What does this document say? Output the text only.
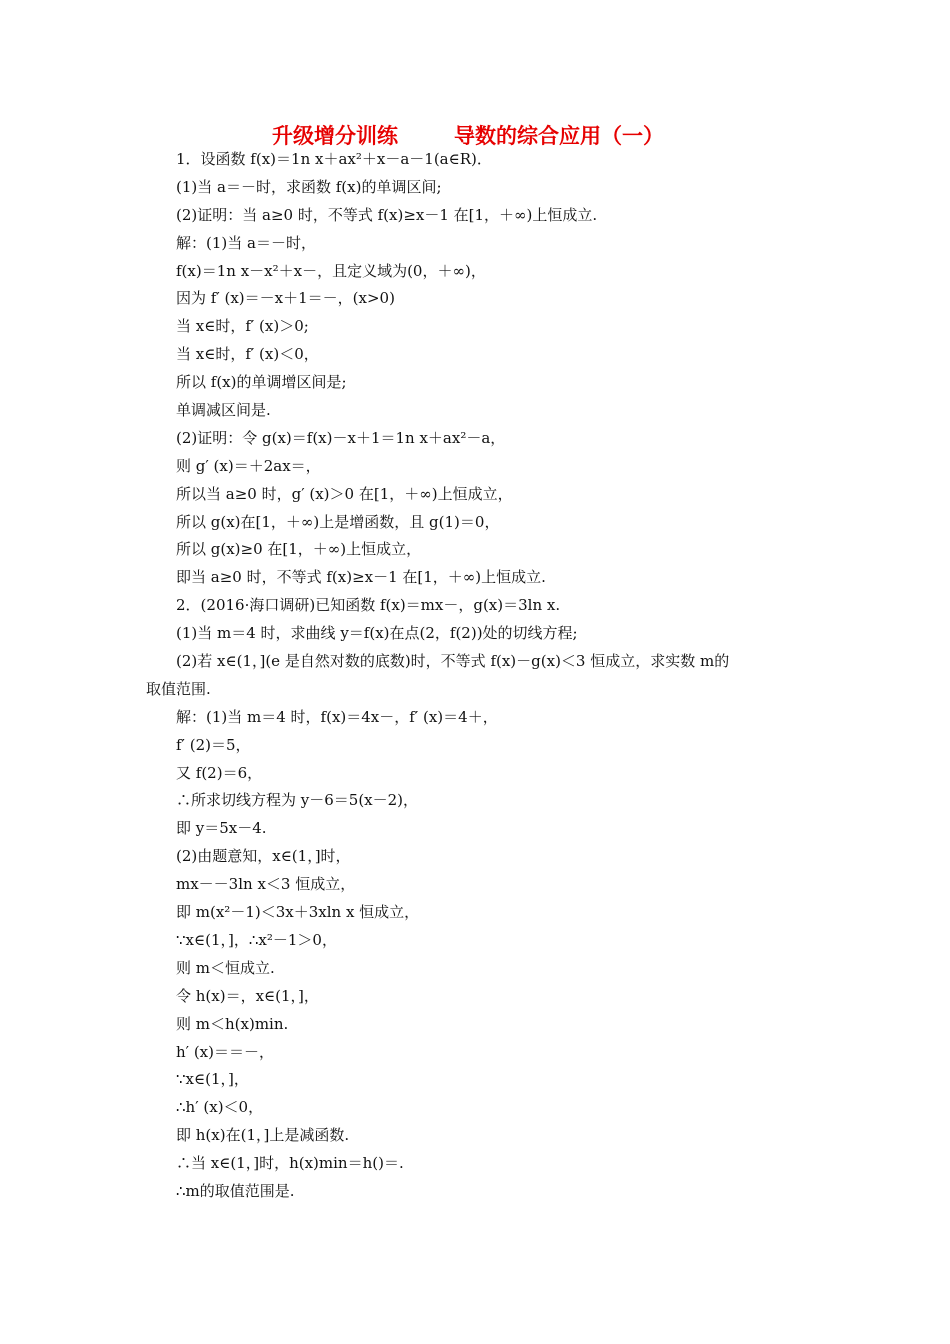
升级增分训练	导数的综合应用（一）
1．设函数 f(x)＝1n x＋ax²＋x－a－1(a∈R)．
(1)当 a＝－时，求函数 f(x)的单调区间;
(2)证明：当 a≥0 时，不等式 f(x)≥x－1 在[1，＋∞)上恒成立.
解：(1)当 a＝－时，
f(x)＝1n x－x²＋x－，且定义域为(0，＋∞)，
因为 f′ (x)＝－x＋1＝－，(x>0)
当 x∈时，f′ (x)＞0;
当 x∈时，f′ (x)＜0，
所以 f(x)的单调增区间是;
单调减区间是.
(2)证明：令 g(x)＝f(x)－x＋1＝1n x＋ax²－a，
则 g′ (x)＝＋2ax＝，
所以当 a≥0 时，g′ (x)＞0 在[1，＋∞)上恒成立，
所以 g(x)在[1，＋∞)上是增函数，且 g(1)＝0，
所以 g(x)≥0 在[1，＋∞)上恒成立，
即当 a≥0 时，不等式 f(x)≥x－1 在[1，＋∞)上恒成立.
2．(2016·海口调研)已知函数 f(x)＝mx－，g(x)＝3ln x.
(1)当 m＝4 时，求曲线 y＝f(x)在点(2，f(2))处的切线方程;
(2)若 x∈(1，](e 是自然对数的底数)时，不等式 f(x)－g(x)＜3 恒成立，求实数 m的
取值范围.
解：(1)当 m＝4 时，f(x)＝4x－，f′ (x)＝4＋，
f′ (2)＝5，
又 f(2)＝6，
∴所求切线方程为 y－6＝5(x－2)，
即 y＝5x－4.
(2)由题意知，x∈(1，]时，
mx－－3ln x＜3 恒成立，
即 m(x²－1)＜3x＋3xln x 恒成立，
∵x∈(1，]，∴x²－1＞0，
则 m＜恒成立.
令 h(x)＝，x∈(1，]，
则 m＜h(x)min.
h′ (x)＝＝－，
∵x∈(1，]，
∴h′ (x)＜0，
即 h(x)在(1，]上是减函数.
∴当 x∈(1，]时，h(x)min＝h()＝.
∴m的取值范围是.
